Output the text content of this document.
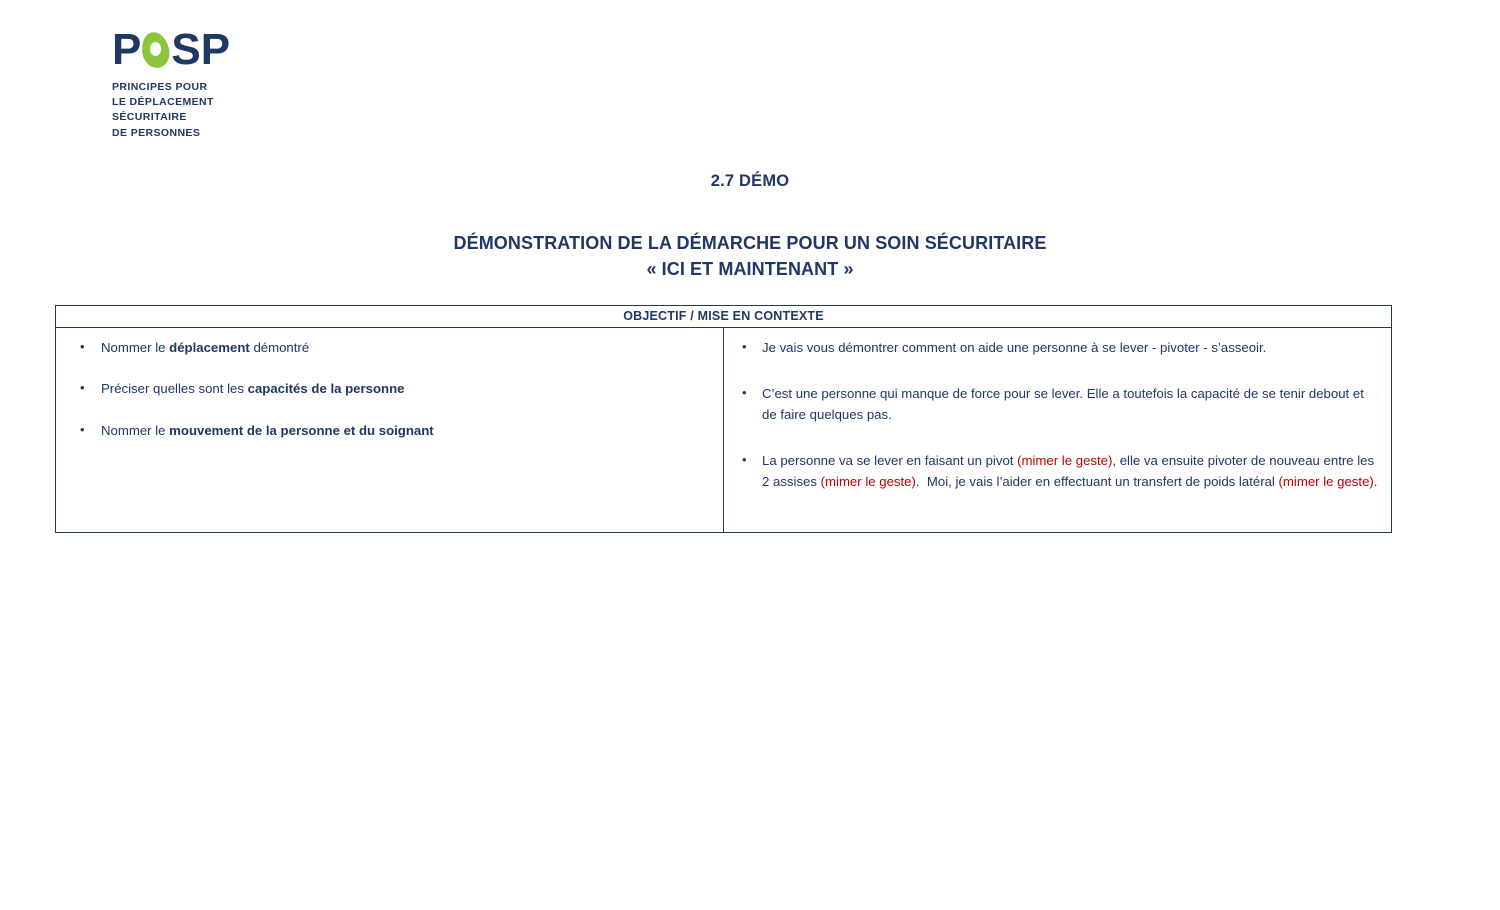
P SP
PRINCIPES POUR
LE DÉPLACEMENT
SÉCURITAIRE
DE PERSONNES
2.7 DÉMO
DÉMONSTRATION DE LA DÉMARCHE POUR UN SOIN SÉCURITAIRE
« ICI ET MAINTENANT »
OBJECTIF / MISE EN CONTEXTE

• Nommer le déplacement démontré
• Préciser quelles sont les capacités de la personne
• Nommer le mouvement de la personne et du soignant

• Je vais vous démontrer comment on aide une personne à se lever - pivoter - s’asseoir.
• C’est une personne qui manque de force pour se lever. Elle a toutefois la capacité de se tenir debout et de faire quelques pas.
• La personne va se lever en faisant un pivot (mimer le geste), elle va ensuite pivoter de nouveau entre les 2 assises (mimer le geste).  Moi, je vais l’aider en effectuant un transfert de poids latéral (mimer le geste).
